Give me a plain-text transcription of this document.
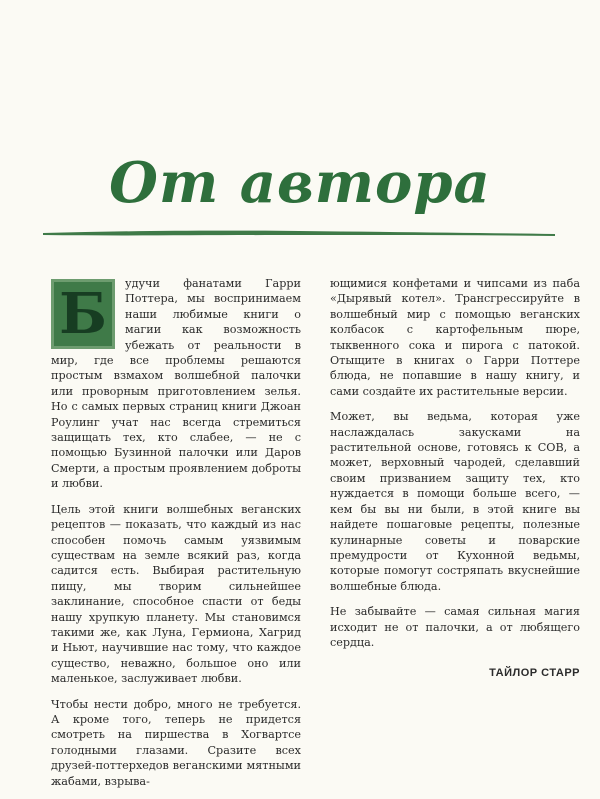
От автора

Б	удучи фанатами Гарри Поттера, мы воспринимаем наши любимые книги о магии как возможность убежать от реальности в мир, где все проблемы решаются простым взмахом волшебной палочки или проворным приготовлением зелья. Но с самых первых страниц книги Джоан Роулинг учат нас всегда стремиться защищать тех, кто слабее, — не с помощью Бузинной палочки или Даров Смерти, а простым проявлением доброты и любви.

Цель этой книги волшебных веганских рецептов — показать, что каждый из нас способен помочь самым уязвимым существам на земле всякий раз, когда садится есть. Выбирая растительную пищу, мы творим сильнейшее заклинание, способное спасти от беды нашу хрупкую планету. Мы становимся такими же, как Луна, Гермиона, Хагрид и Ньют, научившие нас тому, что каждое существо, неважно, большое оно или маленькое, заслуживает любви.

Чтобы нести добро, много не требуется. А кроме того, теперь не придется смотреть на пиршества в Хогвартсе голодными глазами. Сразите всех друзей-поттерхедов веганскими мятными жабами, взрыва-

ющимися конфетами и чипсами из паба «Дырявый котел». Трансгрессируйте в волшебный мир с помощью веганских колбасок с картофельным пюре, тыквенного сока и пирога с патокой. Отыщите в книгах о Гарри Поттере блюда, не попавшие в нашу книгу, и сами создайте их растительные версии.

Может, вы ведьма, которая уже наслаждалась закусками на растительной основе, готовясь к СОВ, а может, верховный чародей, сделавший своим призванием защиту тех, кто нуждается в помощи больше всего, — кем бы вы ни были, в этой книге вы найдете пошаговые рецепты, полезные кулинарные советы и поварские премудрости от Кухонной ведьмы, которые помогут состряпать вкуснейшие волшебные блюда.

Не забывайте — самая сильная магия исходит не от палочки, а от любящего сердца.

ТАЙЛОР СТАРР
